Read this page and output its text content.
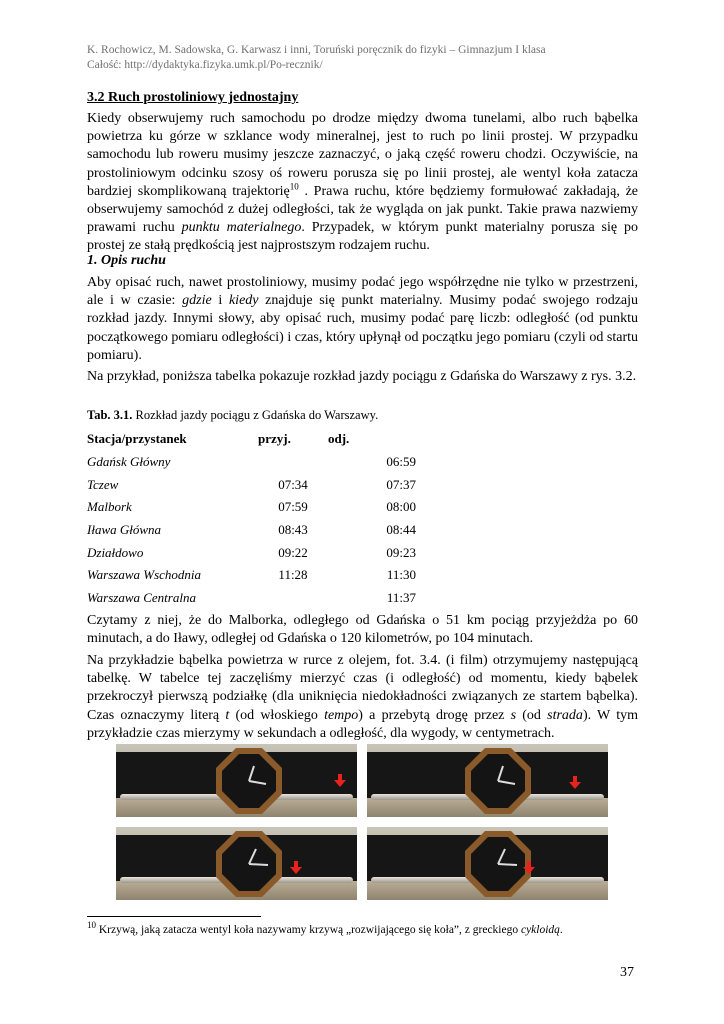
K. Rochowicz, M. Sadowska, G. Karwasz i inni, Toruński poręcznik do fizyki – Gimnazjum I klasa
Całość: http://dydaktyka.fizyka.umk.pl/Po-recznik/
3.2 Ruch prostoliniowy jednostajny
Kiedy obserwujemy ruch samochodu po drodze między dwoma tunelami, albo ruch bąbelka powietrza ku górze w szklance wody mineralnej, jest to ruch po linii prostej. W przypadku samochodu lub roweru musimy jeszcze zaznaczyć, o jaką część roweru chodzi. Oczywiście, na prostoliniowym odcinku szosy oś roweru porusza się po linii prostej, ale wentyl koła zatacza bardziej skomplikowaną trajektorię$^{10}$ . Prawa ruchu, które będziemy formułować zakładają, że obserwujemy samochód z dużej odległości, tak że wygląda on jak punkt. Takie prawa nazwiemy prawami ruchu punktu materialnego. Przypadek, w którym punkt materialny porusza się po prostej ze stałą prędkością jest najprostszym rodzajem ruchu.
1. Opis ruchu
Aby opisać ruch, nawet prostoliniowy, musimy podać jego współrzędne nie tylko w przestrzeni, ale i w czasie: gdzie i kiedy znajduje się punkt materialny. Musimy podać swojego rodzaju rozkład jazdy. Innymi słowy, aby opisać ruch, musimy podać parę liczb: odległość (od punktu początkowego pomiaru odległości) i czas, który upłynął od początku jego pomiaru (czyli od startu pomiaru).
Na przykład, poniższa tabelka pokazuje rozkład jazdy pociągu z Gdańska do Warszawy z rys. 3.2.
Tab. 3.1. Rozkład jazdy pociągu z Gdańska do Warszawy.
Stacja/przystanek	przyj.	odj.
Gdańsk Główny		06:59
Tczew	07:34	07:37
Malbork	07:59	08:00
Iława Główna	08:43	08:44
Działdowo	09:22	09:23
Warszawa Wschodnia	11:28	11:30
Warszawa Centralna		11:37
Czytamy z niej, że do Malborka, odległego od Gdańska o 51 km pociąg przyjeżdża po 60 minutach, a do Iławy, odległej od Gdańska o 120 kilometrów, po 104 minutach.
Na przykładzie bąbelka powietrza w rurce z olejem, fot. 3.4. (i film) otrzymujemy następującą tabelkę. W tabelce tej zaczęliśmy mierzyć czas (i odległość) od momentu, kiedy bąbelek przekroczył pierwszą podziałkę (dla uniknięcia niedokładności związanych ze startem bąbelka). Czas oznaczymy literą t (od włoskiego tempo) a przebytą drogę przez s (od strada). W tym przykładzie czas mierzymy w sekundach a odległość, dla wygody, w centymetrach.
$^{10}$ Krzywą, jaką zatacza wentyl koła nazywamy krzywą „rozwijającego się koła”, z greckiego cykloidą.
37
